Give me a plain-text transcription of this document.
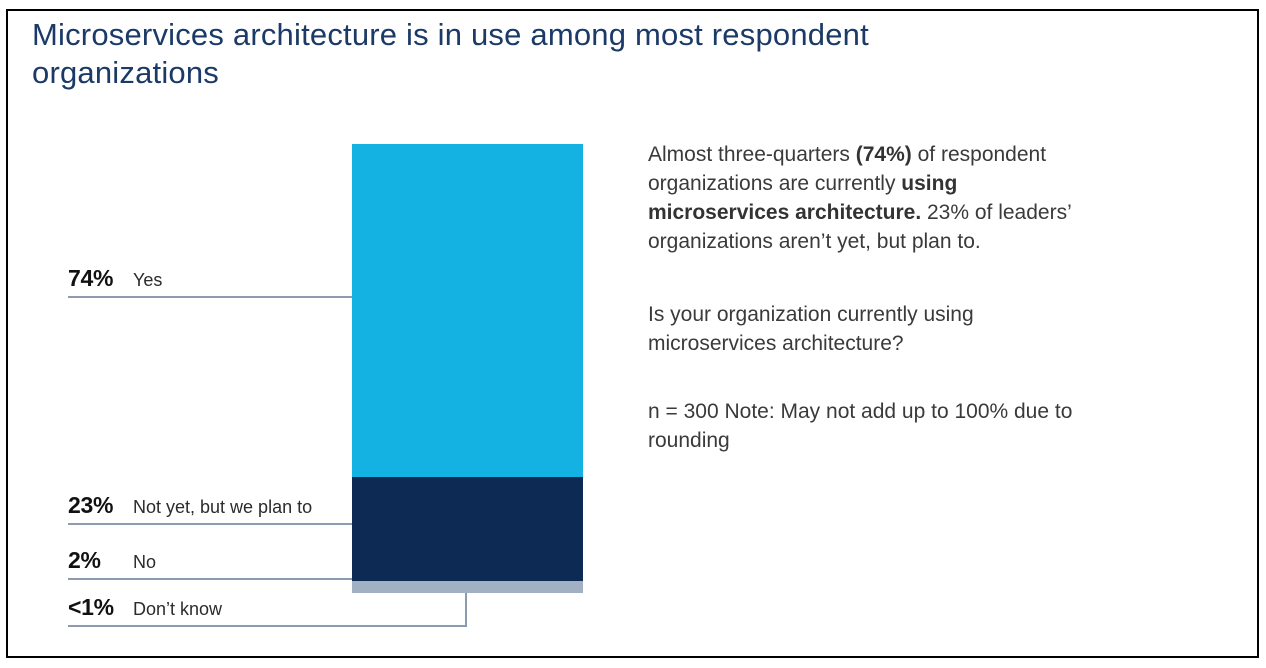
Microservices architecture is in use among most respondent organizations
74%	Yes
23%	Not yet, but we plan to
2%	No
<1%	Don’t know

Almost three-quarters (74%) of respondent organizations are currently using microservices architecture. 23% of leaders’ organizations aren’t yet, but plan to.

Is your organization currently using microservices architecture?

n = 300 Note: May not add up to 100% due to rounding
